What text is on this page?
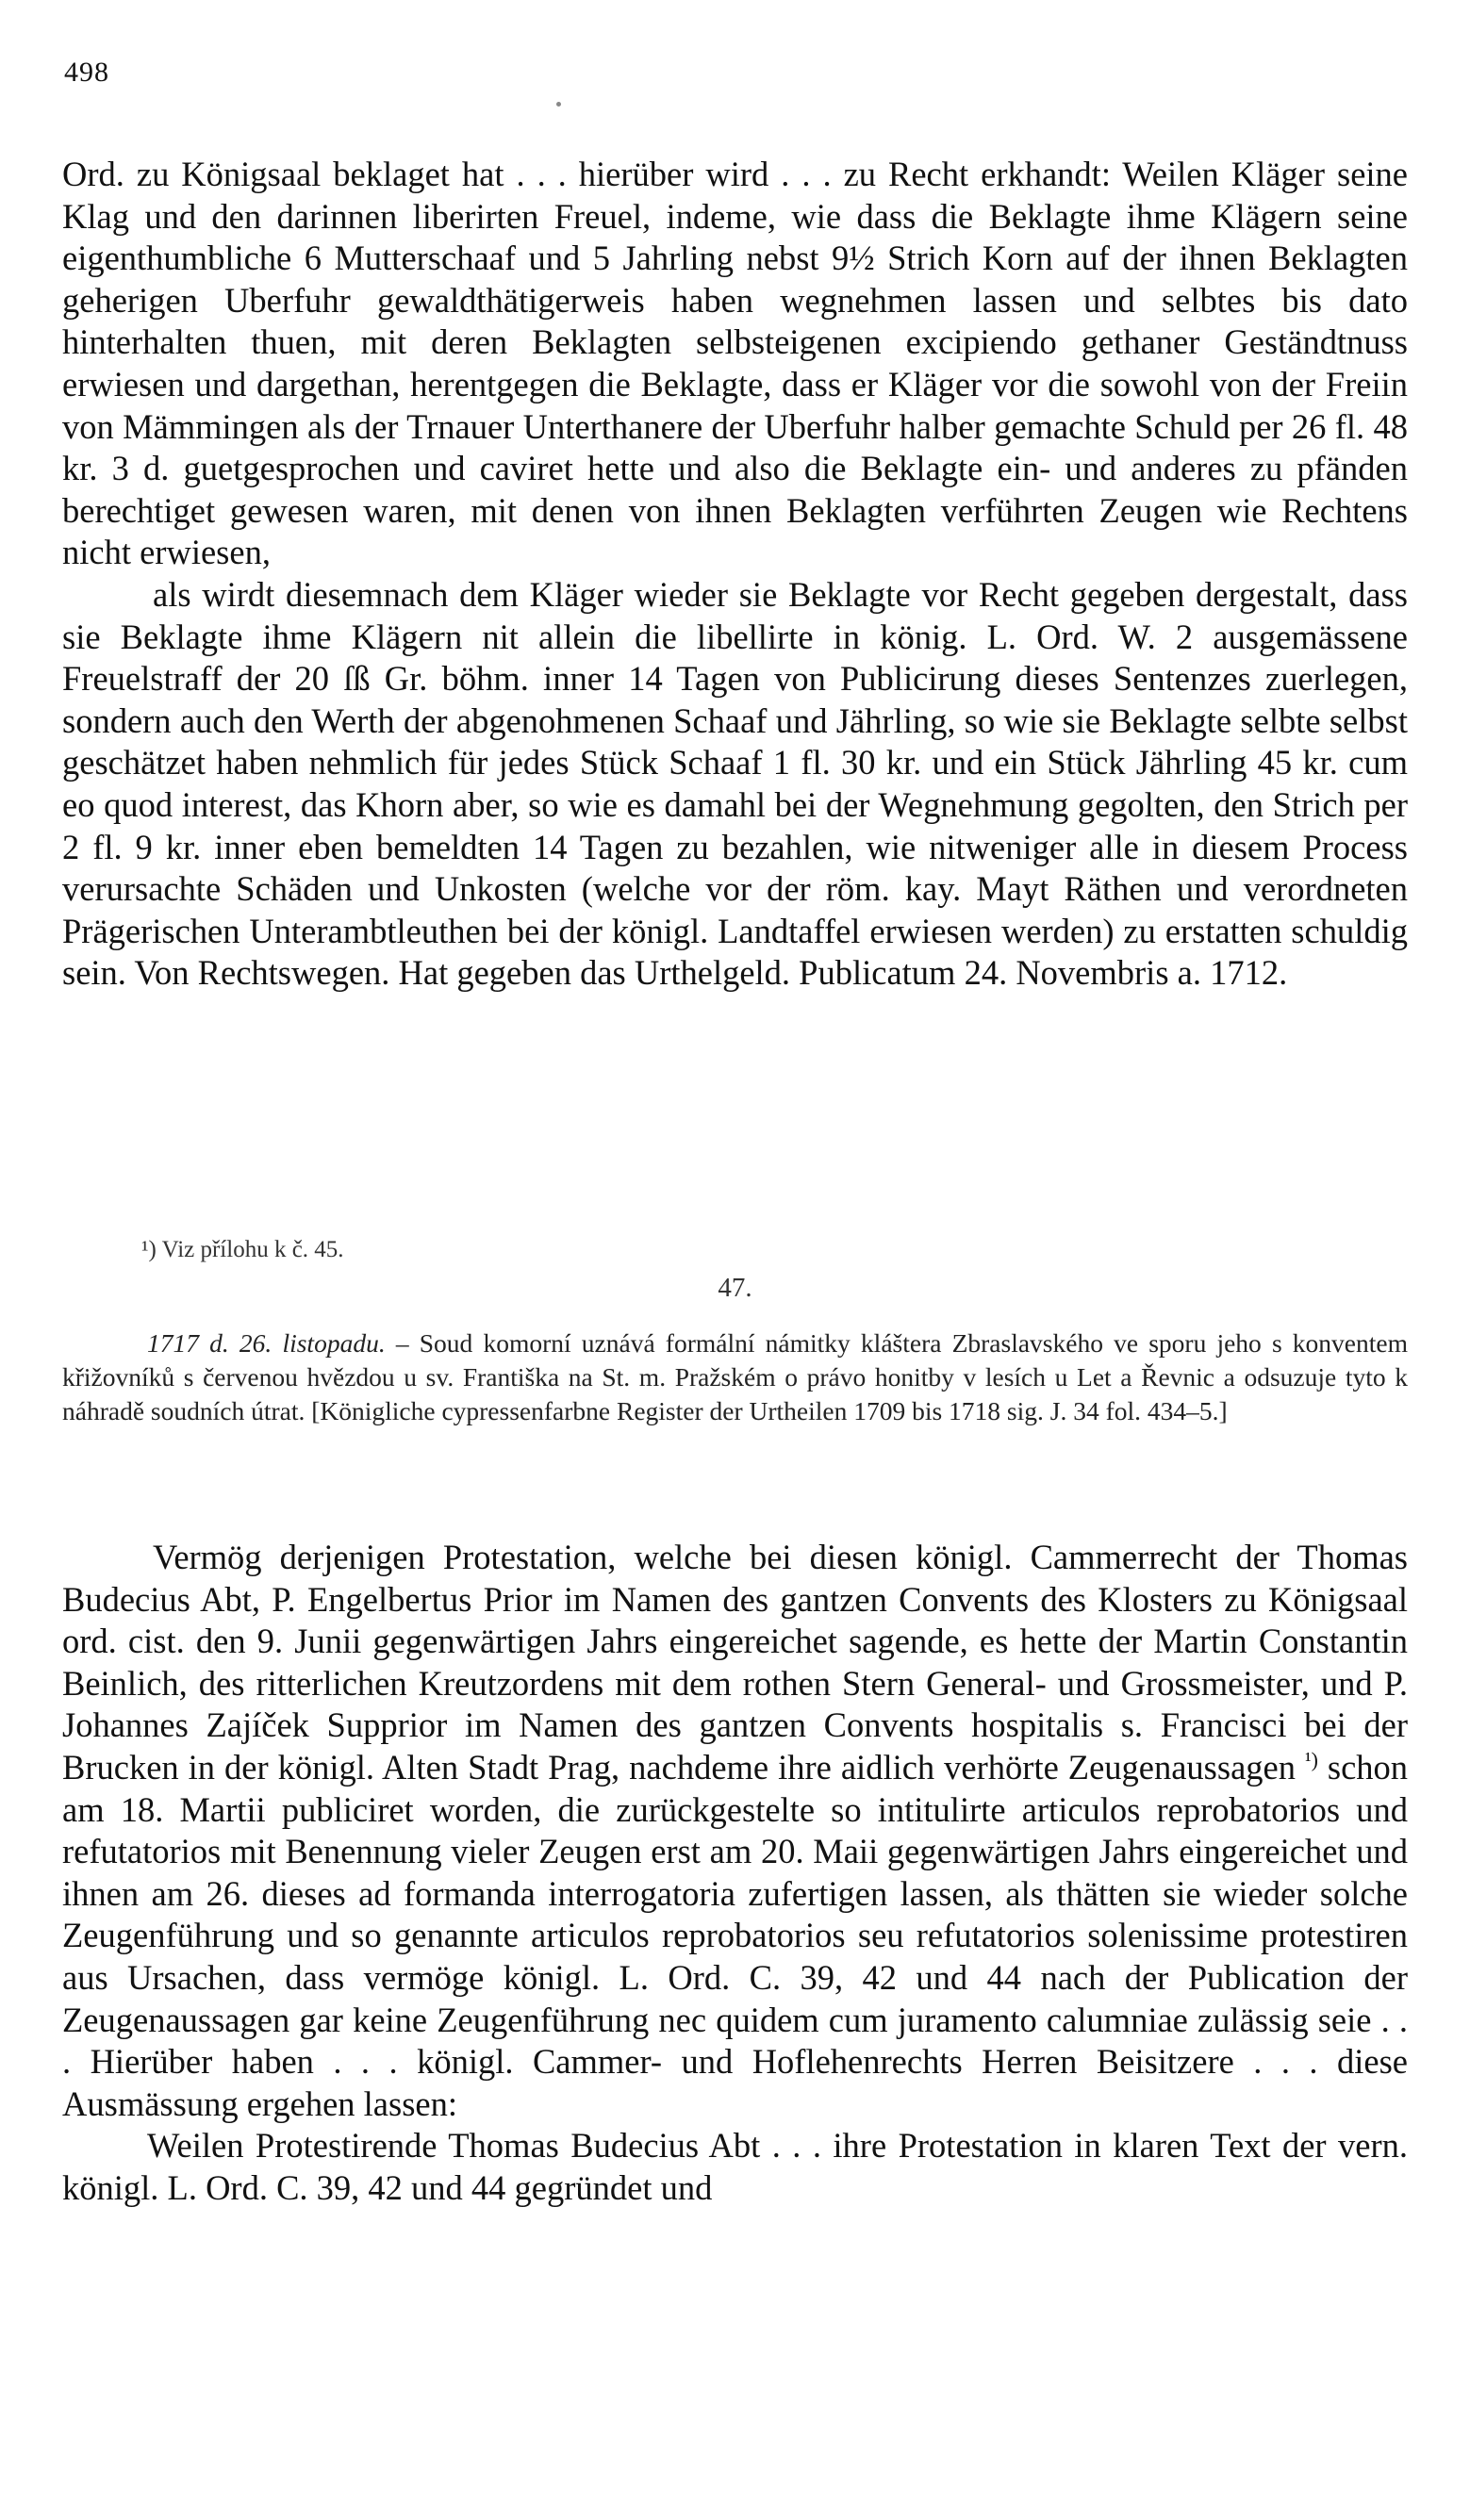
498

Ord. zu Königsaal beklaget hat . . . hierüber wird . . . zu Recht erkhandt: Weilen Kläger seine Klag und den darinnen liberirten Freuel, indeme, wie dass die Beklagte ihme Klägern seine eigenthumbliche 6 Mutterschaaf und 5 Jahrling nebst 9½ Strich Korn auf der ihnen Beklagten geherigen Uberfuhr gewaldthätigerweis haben wegnehmen lassen und selbtes bis dato hinterhalten thuen, mit deren Beklagten selbsteigenen excipiendo gethaner Geständtnuss erwiesen und dargethan, herentgegen die Beklagte, dass er Kläger vor die sowohl von der Freiin von Mämmingen als der Trnauer Unterthanere der Uberfuhr halber gemachte Schuld per 26 fl. 48 kr. 3 d. guetgesprochen und caviret hette und also die Beklagte ein- und anderes zu pfänden berechtiget gewesen waren, mit denen von ihnen Beklagten verführten Zeugen wie Rechtens nicht erwiesen,

als wirdt diesemnach dem Kläger wieder sie Beklagte vor Recht gegeben dergestalt, dass sie Beklagte ihme Klägern nit allein die libellirte in könig. L. Ord. W. 2 ausgemässene Freuelstraff der 20 ſß Gr. böhm. inner 14 Tagen von Publicirung dieses Sentenzes zuerlegen, sondern auch den Werth der abgenohmenen Schaaf und Jährling, so wie sie Beklagte selbte selbst geschätzet haben nehmlich für jedes Stück Schaaf 1 fl. 30 kr. und ein Stück Jährling 45 kr. cum eo quod interest, das Khorn aber, so wie es damahl bei der Wegnehmung gegolten, den Strich per 2 fl. 9 kr. inner eben bemeldten 14 Tagen zu bezahlen, wie nitweniger alle in diesem Process verursachte Schäden und Unkosten (welche vor der röm. kay. Mayt Räthen und verordneten Prägerischen Unterambtleuthen bei der königl. Landtaffel erwiesen werden) zu erstatten schuldig sein. Von Rechtswegen. Hat gegeben das Urthelgeld. Publicatum 24. Novembris a. 1712.

¹) Viz přílohu k č. 45.
47.
1717 d. 26. listopadu. – Soud komorní uznává formální námitky kláštera Zbraslavského ve sporu jeho s konventem křižovníků s červenou hvězdou u sv. Františka na St. m. Pražském o právo honitby v lesích u Let a Řevnic a odsuzuje tyto k náhradě soudních útrat. [Königliche cypressenfarbne Register der Urtheilen 1709 bis 1718 sig. J. 34 fol. 434–5.]

Vermög derjenigen Protestation, welche bei diesen königl. Cammerrecht der Thomas Budecius Abt, P. Engelbertus Prior im Namen des gantzen Convents des Klosters zu Königsaal ord. cist. den 9. Junii gegenwärtigen Jahrs eingereichet sagende, es hette der Martin Constantin Beinlich, des ritterlichen Kreutzordens mit dem rothen Stern General- und Grossmeister, und P. Johannes Zajíček Supprior im Namen des gantzen Convents hospitalis s. Francisci bei der Brucken in der königl. Alten Stadt Prag, nachdeme ihre aidlich verhörte Zeugenaussagen $^{^1)}$ schon am 18. Martii publiciret worden, die zurückgestelte so intitulirte articulos reprobatorios und refutatorios mit Benennung vieler Zeugen erst am 20. Maii gegenwärtigen Jahrs eingereichet und ihnen am 26. dieses ad formanda interrogatoria zufertigen lassen, als thätten sie wieder solche Zeugenführung und so genannte articulos reprobatorios seu refutatorios solenissime protestiren aus Ursachen, dass vermöge königl. L. Ord. C. 39, 42 und 44 nach der Publication der Zeugenaussagen gar keine Zeugenführung nec quidem cum juramento calumniae zulässig seie . . . Hierüber haben . . . königl. Cammer- und Hoflehenrechts Herren Beisitzere . . . diese Ausmässung ergehen lassen:

Weilen Protestirende Thomas Budecius Abt . . . ihre Protestation in klaren Text der vern. königl. L. Ord. C. 39, 42 und 44 gegründet und
